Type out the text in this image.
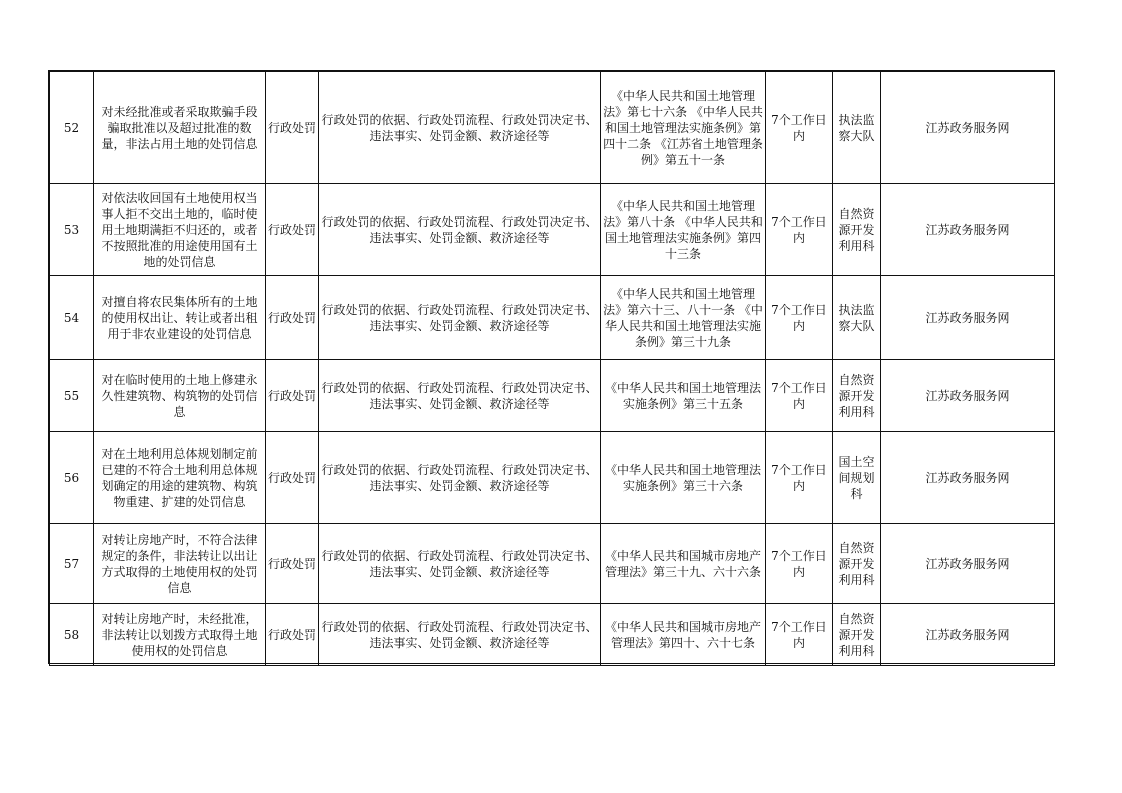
52	对未经批准或者采取欺骗手段骗取批准以及超过批准的数量，非法占用土地的处罚信息	行政处罚	行政处罚的依据、行政处罚流程、行政处罚决定书、违法事实、处罚金额、救济途径等	《中华人民共和国土地管理法》第七十六条 《中华人民共和国土地管理法实施条例》第四十二条 《江苏省土地管理条例》第五十一条	7个工作日内	执法监察大队	江苏政务服务网
53	对依法收回国有土地使用权当事人拒不交出土地的，临时使用土地期满拒不归还的，或者不按照批准的用途使用国有土地的处罚信息	行政处罚	行政处罚的依据、行政处罚流程、行政处罚决定书、违法事实、处罚金额、救济途径等	《中华人民共和国土地管理法》第八十条 《中华人民共和国土地管理法实施条例》第四十三条	7个工作日内	自然资源开发利用科	江苏政务服务网
54	对擅自将农民集体所有的土地的使用权出让、转让或者出租用于非农业建设的处罚信息	行政处罚	行政处罚的依据、行政处罚流程、行政处罚决定书、违法事实、处罚金额、救济途径等	《中华人民共和国土地管理法》第六十三、八十一条 《中华人民共和国土地管理法实施条例》第三十九条	7个工作日内	执法监察大队	江苏政务服务网
55	对在临时使用的土地上修建永久性建筑物、构筑物的处罚信息	行政处罚	行政处罚的依据、行政处罚流程、行政处罚决定书、违法事实、处罚金额、救济途径等	《中华人民共和国土地管理法实施条例》第三十五条	7个工作日内	自然资源开发利用科	江苏政务服务网
56	对在土地利用总体规划制定前已建的不符合土地利用总体规划确定的用途的建筑物、构筑物重建、扩建的处罚信息	行政处罚	行政处罚的依据、行政处罚流程、行政处罚决定书、违法事实、处罚金额、救济途径等	《中华人民共和国土地管理法实施条例》第三十六条	7个工作日内	国土空间规划科	江苏政务服务网
57	对转让房地产时，不符合法律规定的条件，非法转让以出让方式取得的土地使用权的处罚信息	行政处罚	行政处罚的依据、行政处罚流程、行政处罚决定书、违法事实、处罚金额、救济途径等	《中华人民共和国城市房地产管理法》第三十九、六十六条	7个工作日内	自然资源开发利用科	江苏政务服务网
58	对转让房地产时，未经批准，非法转让以划拨方式取得土地使用权的处罚信息	行政处罚	行政处罚的依据、行政处罚流程、行政处罚决定书、违法事实、处罚金额、救济途径等	《中华人民共和国城市房地产管理法》第四十、六十七条	7个工作日内	自然资源开发利用科	江苏政务服务网
